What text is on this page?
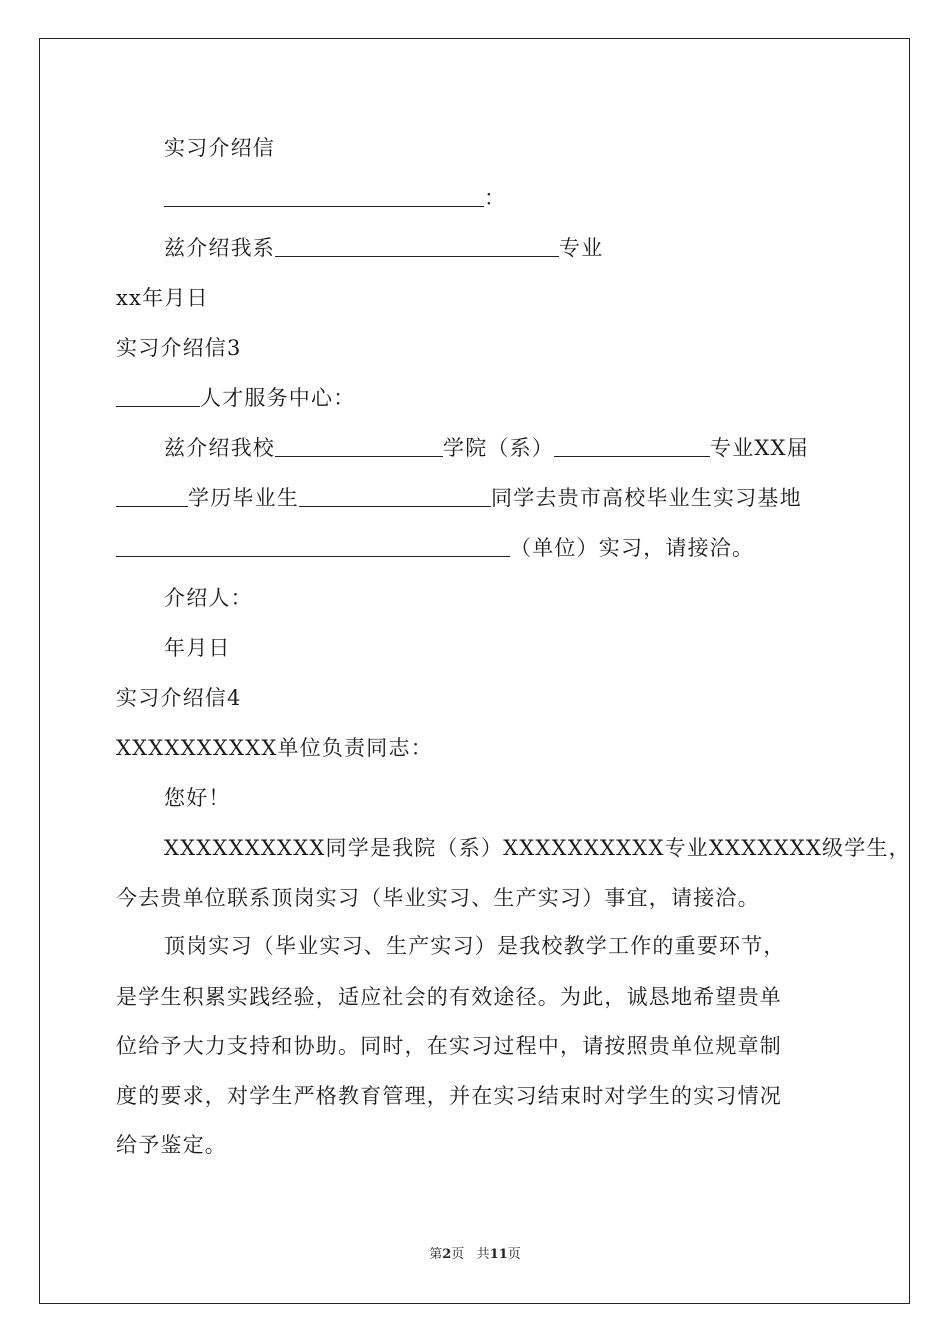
实习介绍信
：
兹介绍我系	专业
xx年月日
实习介绍信3
人才服务中心：
兹介绍我校	学院（系）	专业XX届
学历毕业生	同学去贵市高校毕业生实习基地
（单位）实习，请接洽。
介绍人：
年月日
实习介绍信4
XXXXXXXXXX单位负责同志：
您好！
XXXXXXXXXX同学是我院（系）XXXXXXXXXX专业XXXXXXX级学生，
今去贵单位联系顶岗实习（毕业实习、生产实习）事宜，请接洽。
顶岗实习（毕业实习、生产实习）是我校教学工作的重要环节，
是学生积累实践经验，适应社会的有效途径。为此，诚恳地希望贵单
位给予大力支持和协助。同时，在实习过程中，请按照贵单位规章制
度的要求，对学生严格教育管理，并在实习结束时对学生的实习情况
给予鉴定。
第2页 共11页
